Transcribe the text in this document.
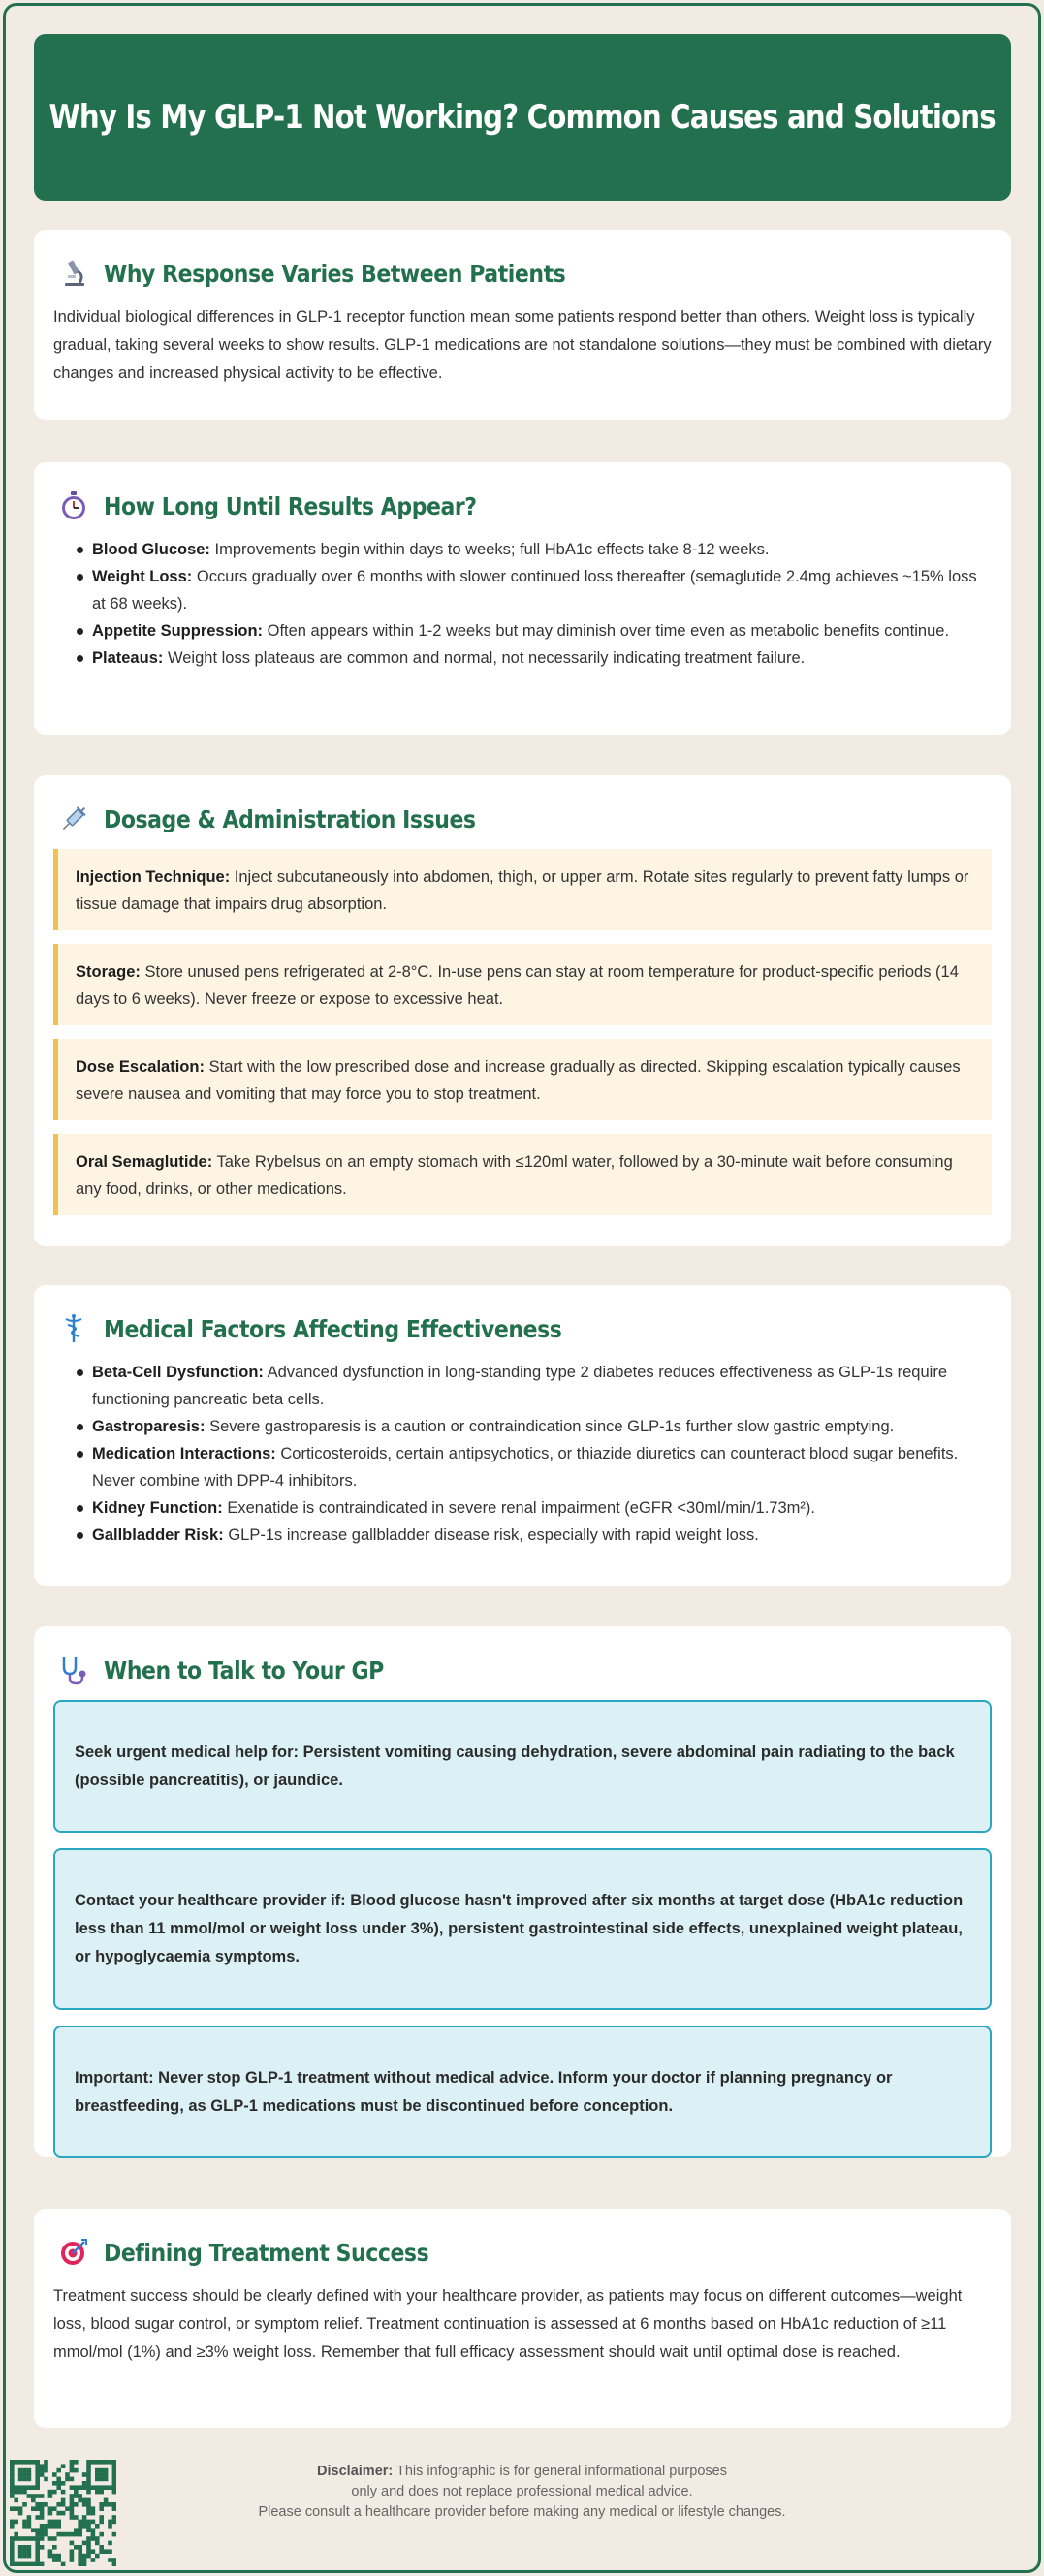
Why Is My GLP-1 Not Working? Common Causes and Solutions
Why Response Varies Between Patients

Individual biological differences in GLP-1 receptor function mean some patients respond better than others. Weight loss is typically gradual, taking several weeks to show results. GLP-1 medications are not standalone solutions—they must be combined with dietary changes and increased physical activity to be effective.

How Long Until Results Appear?
Blood Glucose: Improvements begin within days to weeks; full HbA1c effects take 8-12 weeks.
Weight Loss: Occurs gradually over 6 months with slower continued loss thereafter (semaglutide 2.4mg achieves ~15% loss at 68 weeks).
Appetite Suppression: Often appears within 1-2 weeks but may diminish over time even as metabolic benefits continue.
Plateaus: Weight loss plateaus are common and normal, not necessarily indicating treatment failure.
Dosage & Administration Issues
Injection Technique: Inject subcutaneously into abdomen, thigh, or upper arm. Rotate sites regularly to prevent fatty lumps or tissue damage that impairs drug absorption.
Storage: Store unused pens refrigerated at 2-8°C. In-use pens can stay at room temperature for product-specific periods (14 days to 6 weeks). Never freeze or expose to excessive heat.
Dose Escalation: Start with the low prescribed dose and increase gradually as directed. Skipping escalation typically causes severe nausea and vomiting that may force you to stop treatment.
Oral Semaglutide: Take Rybelsus on an empty stomach with ≤120ml water, followed by a 30-minute wait before consuming any food, drinks, or other medications.
Medical Factors Affecting Effectiveness
Beta-Cell Dysfunction: Advanced dysfunction in long-standing type 2 diabetes reduces effectiveness as GLP-1s require functioning pancreatic beta cells.
Gastroparesis: Severe gastroparesis is a caution or contraindication since GLP-1s further slow gastric emptying.
Medication Interactions: Corticosteroids, certain antipsychotics, or thiazide diuretics can counteract blood sugar benefits. Never combine with DPP-4 inhibitors.
Kidney Function: Exenatide is contraindicated in severe renal impairment (eGFR <30ml/min/1.73m²).
Gallbladder Risk: GLP-1s increase gallbladder disease risk, especially with rapid weight loss.
When to Talk to Your GP
Seek urgent medical help for: Persistent vomiting causing dehydration, severe abdominal pain radiating to the back (possible pancreatitis), or jaundice.
Contact your healthcare provider if: Blood glucose hasn't improved after six months at target dose (HbA1c reduction less than 11 mmol/mol or weight loss under 3%), persistent gastrointestinal side effects, unexplained weight plateau, or hypoglycaemia symptoms.
Important: Never stop GLP-1 treatment without medical advice. Inform your doctor if planning pregnancy or breastfeeding, as GLP-1 medications must be discontinued before conception.
Defining Treatment Success

Treatment success should be clearly defined with your healthcare provider, as patients may focus on different outcomes—weight loss, blood sugar control, or symptom relief. Treatment continuation is assessed at 6 months based on HbA1c reduction of ≥11 mmol/mol (1%) and ≥3% weight loss. Remember that full efficacy assessment should wait until optimal dose is reached.

Disclaimer: This infographic is for general informational purposes
only and does not replace professional medical advice.
Please consult a healthcare provider before making any medical or lifestyle changes.
